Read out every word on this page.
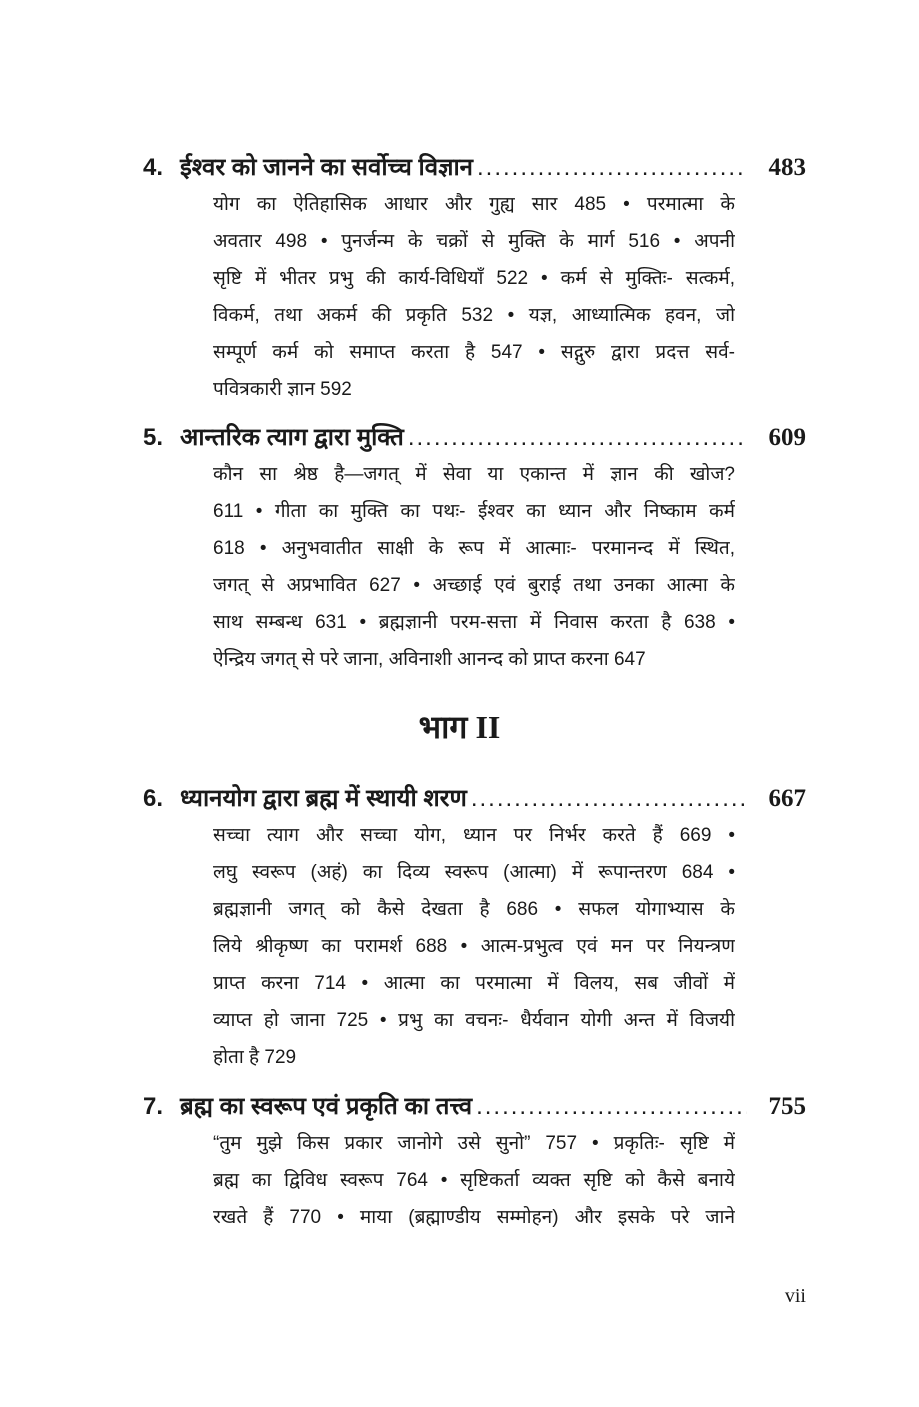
4. ईश्वर को जानने का सर्वोच्च विज्ञान .....	483
योग का ऐतिहासिक आधार और गुह्य सार 485 • परमात्मा के
अवतार 498 • पुनर्जन्म के चक्रों से मुक्ति के मार्ग 516 • अपनी
सृष्टि में भीतर प्रभु की कार्य-विधियाँ 522 • कर्म से मुक्तिः- सत्कर्म,
विकर्म, तथा अकर्म की प्रकृति 532 • यज्ञ, आध्यात्मिक हवन, जो
सम्पूर्ण कर्म को समाप्त करता है 547 • सद्गुरु द्वारा प्रदत्त सर्व-
पवित्रकारी ज्ञान 592
5. आन्तरिक त्याग द्वारा मुक्ति .....	609
कौन सा श्रेष्ठ है—जगत् में सेवा या एकान्त में ज्ञान की खोज?
611 • गीता का मुक्ति का पथः- ईश्वर का ध्यान और निष्काम कर्म
618 • अनुभवातीत साक्षी के रूप में आत्माः- परमानन्द में स्थित,
जगत् से अप्रभावित 627 • अच्छाई एवं बुराई तथा उनका आत्मा के
साथ सम्बन्ध 631 • ब्रह्मज्ञानी परम-सत्ता में निवास करता है 638 •
ऐन्द्रिय जगत् से परे जाना, अविनाशी आनन्द को प्राप्त करना 647
6. ध्यानयोग द्वारा ब्रह्म में स्थायी शरण .....	667
सच्चा त्याग और सच्चा योग, ध्यान पर निर्भर करते हैं 669 •
लघु स्वरूप (अहं) का दिव्य स्वरूप (आत्मा) में रूपान्तरण 684 •
ब्रह्मज्ञानी जगत् को कैसे देखता है 686 • सफल योगाभ्यास के
लिये श्रीकृष्ण का परामर्श 688 • आत्म-प्रभुत्व एवं मन पर नियन्त्रण
प्राप्त करना 714 • आत्मा का परमात्मा में विलय, सब जीवों में
व्याप्त हो जाना 725 • प्रभु का वचनः- धैर्यवान योगी अन्त में विजयी
होता है 729
7. ब्रह्म का स्वरूप एवं प्रकृति का तत्त्व .....	755
“तुम मुझे किस प्रकार जानोगे उसे सुनो” 757 • प्रकृतिः- सृष्टि में
ब्रह्म का द्विविध स्वरूप 764 • सृष्टिकर्ता व्यक्त सृष्टि को कैसे बनाये
रखते हैं 770 • माया (ब्रह्माण्डीय सम्मोहन) और इसके परे जाने
भाग II
vii
